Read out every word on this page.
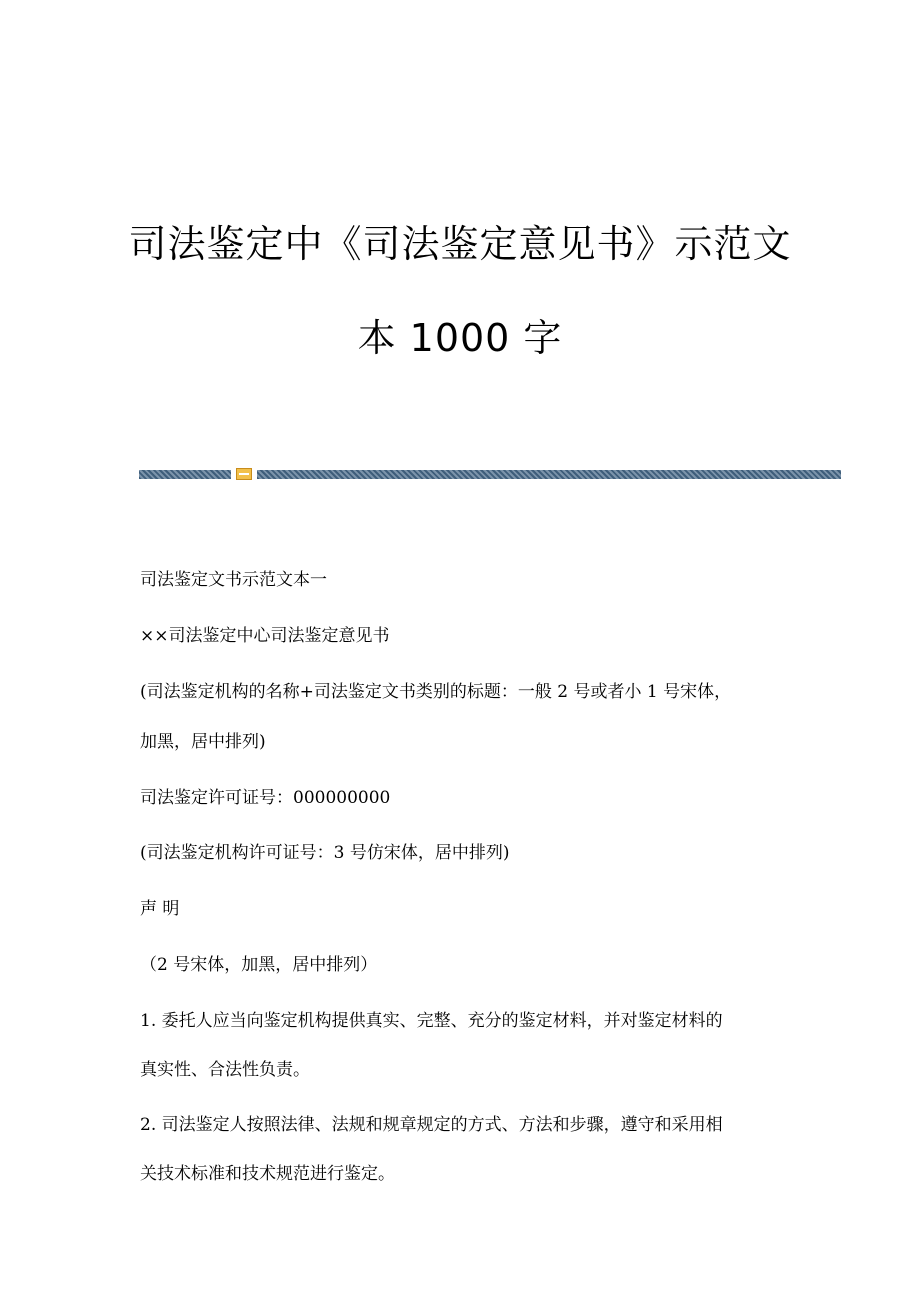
司法鉴定中《司法鉴定意见书》示范文
本 1000 字
司法鉴定文书示范文本一
××司法鉴定中心司法鉴定意见书
(司法鉴定机构的名称+司法鉴定文书类别的标题：一般 2 号或者小 1 号宋体，
加黑，居中排列)
司法鉴定许可证号：000000000
(司法鉴定机构许可证号：3 号仿宋体，居中排列)
声 明
（2 号宋体，加黑，居中排列）
1. 委托人应当向鉴定机构提供真实、完整、充分的鉴定材料，并对鉴定材料的
真实性、合法性负责。
2. 司法鉴定人按照法律、法规和规章规定的方式、方法和步骤，遵守和采用相
关技术标准和技术规范进行鉴定。
